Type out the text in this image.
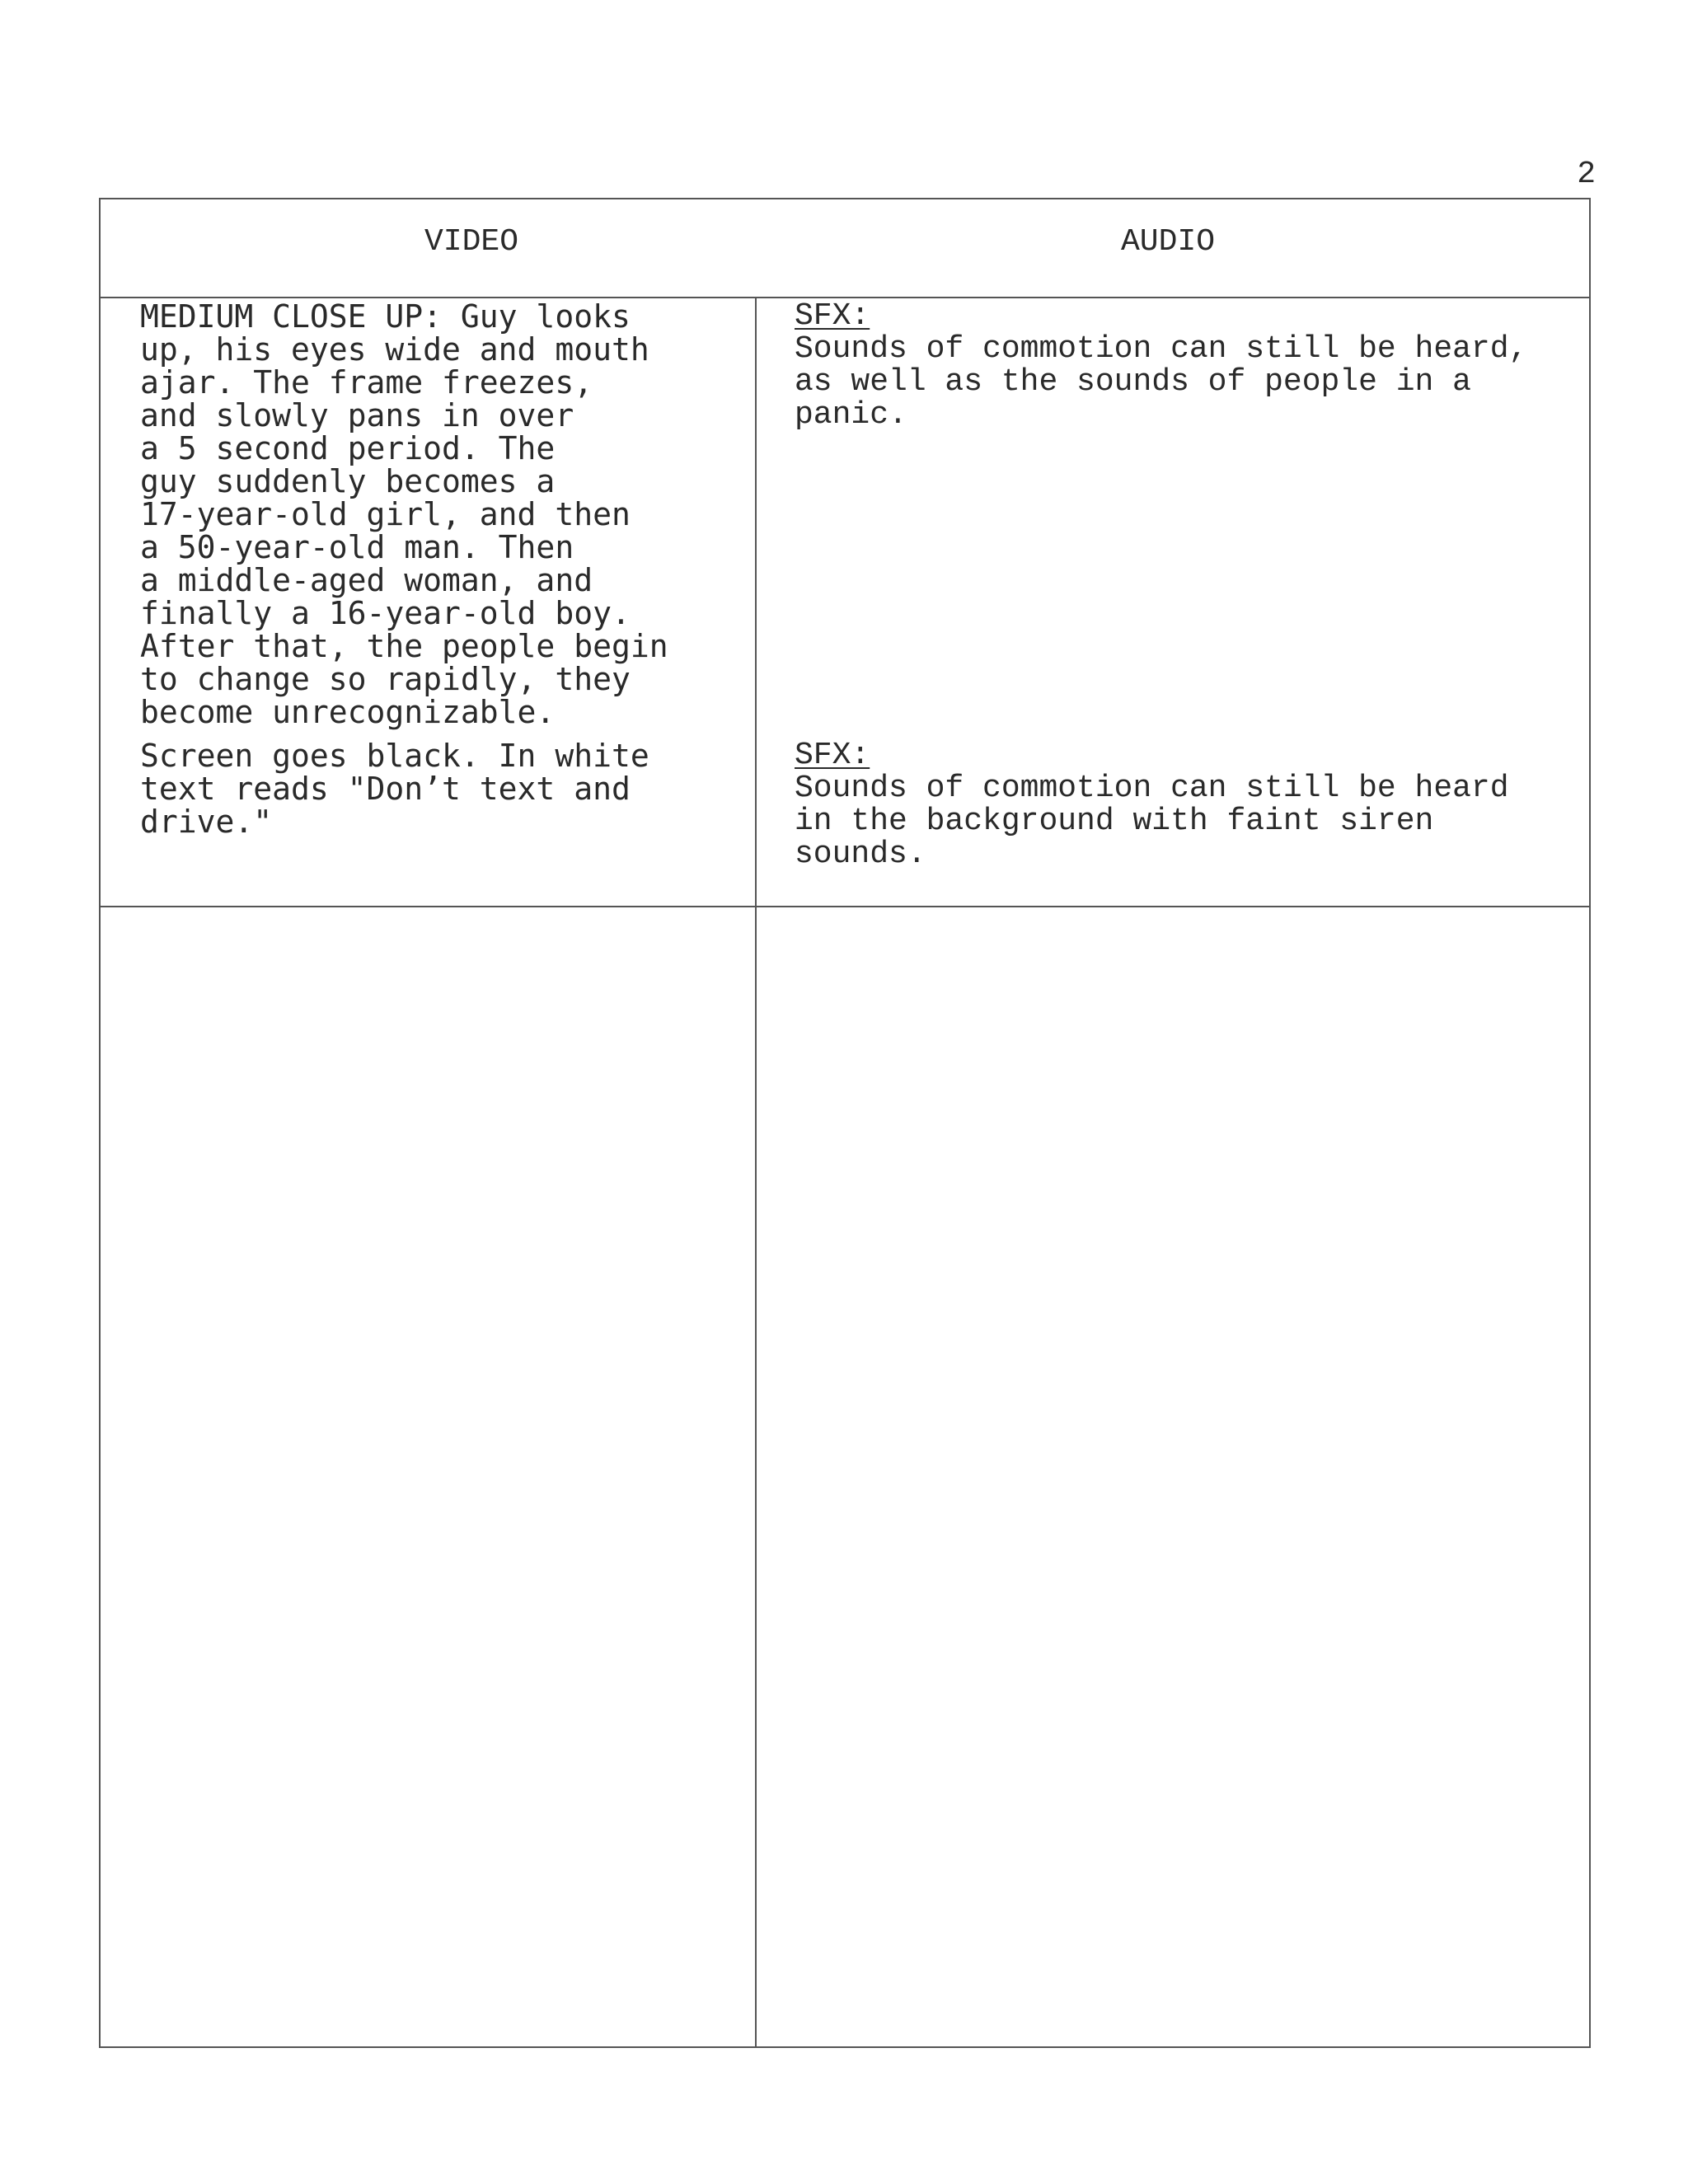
2
VIDEO	AUDIO
MEDIUM CLOSE UP: Guy looks
up, his eyes wide and mouth
ajar. The frame freezes,
and slowly pans in over
a 5 second period. The
guy suddenly becomes a
17-year-old girl, and then
a 50-year-old man. Then
a middle-aged woman, and
finally a 16-year-old boy.
After that, the people begin
to change so rapidly, they
become unrecognizable.
SFX:
Sounds of commotion can still be heard,
as well as the sounds of people in a
panic.
Screen goes black. In white
text reads "Don’t text and
drive."
SFX:
Sounds of commotion can still be heard
in the background with faint siren
sounds.
